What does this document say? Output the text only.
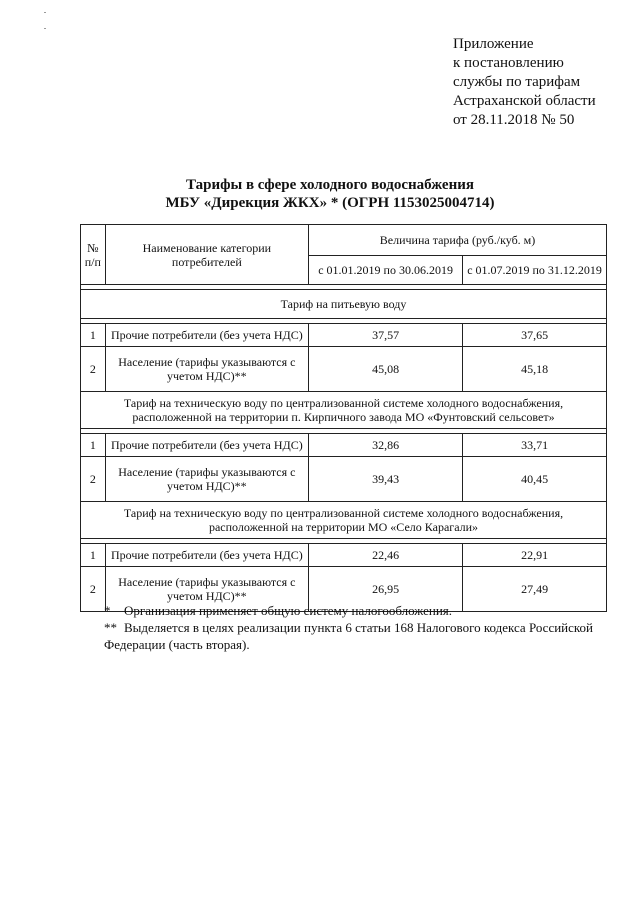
Приложение
к постановлению
службы по тарифам
Астраханской области
от 28.11.2018 № 50
Тарифы в сфере холодного водоснабжения
МБУ «Дирекция ЖКХ» * (ОГРН 1153025004714)
№ п/п	Наименование категории потребителей	Величина тарифа (руб./куб. м)	
		с 01.01.2019 по 30.06.2019	с 01.07.2019 по 31.12.2019

Тариф на питьевую воду			

1	Прочие потребители (без учета НДС)	37,57	37,65
2	Население (тарифы указываются с учетом НДС)**	45,08	45,18
Тариф на техническую воду по централизованной системе холодного водоснабжения, расположенной на территории п. Кирпичного завода МО «Фунтовский сельсовет»			

1	Прочие потребители (без учета НДС)	32,86	33,71
2	Население (тарифы указываются с учетом НДС)**	39,43	40,45
Тариф на техническую воду по централизованной системе холодного водоснабжения, расположенной на территории МО «Село Карагали»			

1	Прочие потребители (без учета НДС)	22,46	22,91
2	Население (тарифы указываются с учетом НДС)**	26,95	27,49
* Организация применяет общую систему налогообложения.
** Выделяется в целях реализации пункта 6 статьи 168 Налогового кодекса Российской Федерации (часть вторая).
